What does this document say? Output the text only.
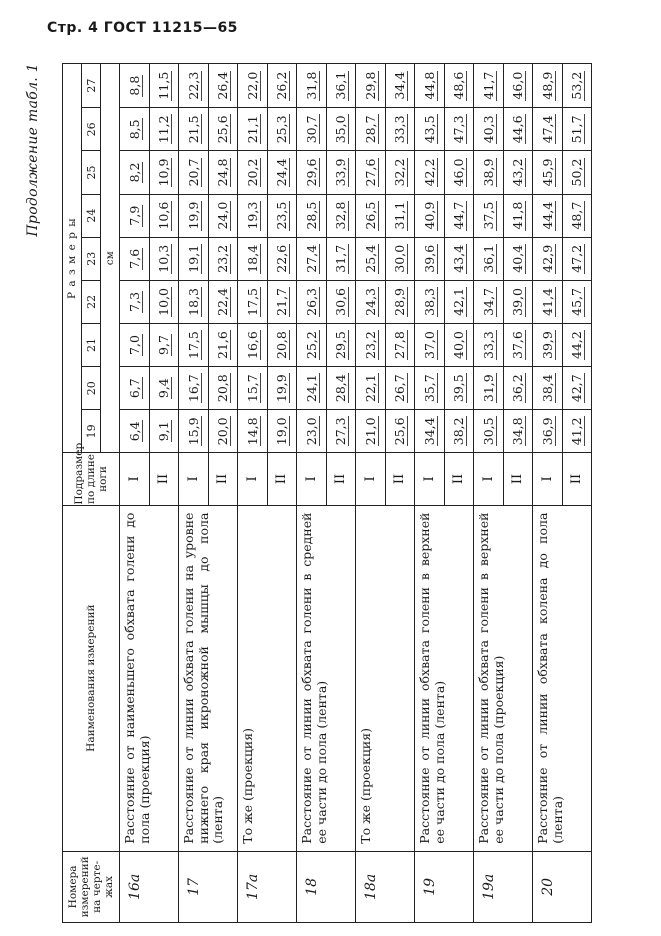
Стр. 4 ГОСТ 11215—65
Продолжение табл. 1
Номера измерений на черте-жах	Наименования измерений	Подразмер по длине ноги	Р а з м е р ы								
			19	20	21	22	23	24	25	26	27
			см								
16а	Расстояние от наименьшего обхвата голени до пола (проекция)	I	6,4	6,7	7,0	7,3	7,6	7,9	8,2	8,5	8,8
		II	9,1	9,4	9,7	10,0	10,3	10,6	10,9	11,2	11,5
17	Расстояние от линии обхвата голени на уровне нижнего края икроножной мышцы до пола (лента)	I	15,9	16,7	17,5	18,3	19,1	19,9	20,7	21,5	22,3
		II	20,0	20,8	21,6	22,4	23,2	24,0	24,8	25,6	26,4
17а	То же (проекция)	I	14,8	15,7	16,6	17,5	18,4	19,3	20,2	21,1	22,0
		II	19,0	19,9	20,8	21,7	22,6	23,5	24,4	25,3	26,2
18	Расстояние от линии обхвата голени в средней ее части до пола (лента)	I	23,0	24,1	25,2	26,3	27,4	28,5	29,6	30,7	31,8
		II	27,3	28,4	29,5	30,6	31,7	32,8	33,9	35,0	36,1
18а	То же (проекция)	I	21,0	22,1	23,2	24,3	25,4	26,5	27,6	28,7	29,8
		II	25,6	26,7	27,8	28,9	30,0	31,1	32,2	33,3	34,4
19	Расстояние от линии обхвата голени в верхней ее части до пола (лента)	I	34,4	35,7	37,0	38,3	39,6	40,9	42,2	43,5	44,8
		II	38,2	39,5	40,0	42,1	43,4	44,7	46,0	47,3	48,6
19а	Расстояние от линии обхвата голени в верхней ее части до пола (проекция)	I	30,5	31,9	33,3	34,7	36,1	37,5	38,9	40,3	41,7
		II	34,8	36,2	37,6	39,0	40,4	41,8	43,2	44,6	46,0
20	Расстояние от линии обхвата колена до пола (лента)	I	36,9	38,4	39,9	41,4	42,9	44,4	45,9	47,4	48,9
		II	41,2	42,7	44,2	45,7	47,2	48,7	50,2	51,7	53,2
